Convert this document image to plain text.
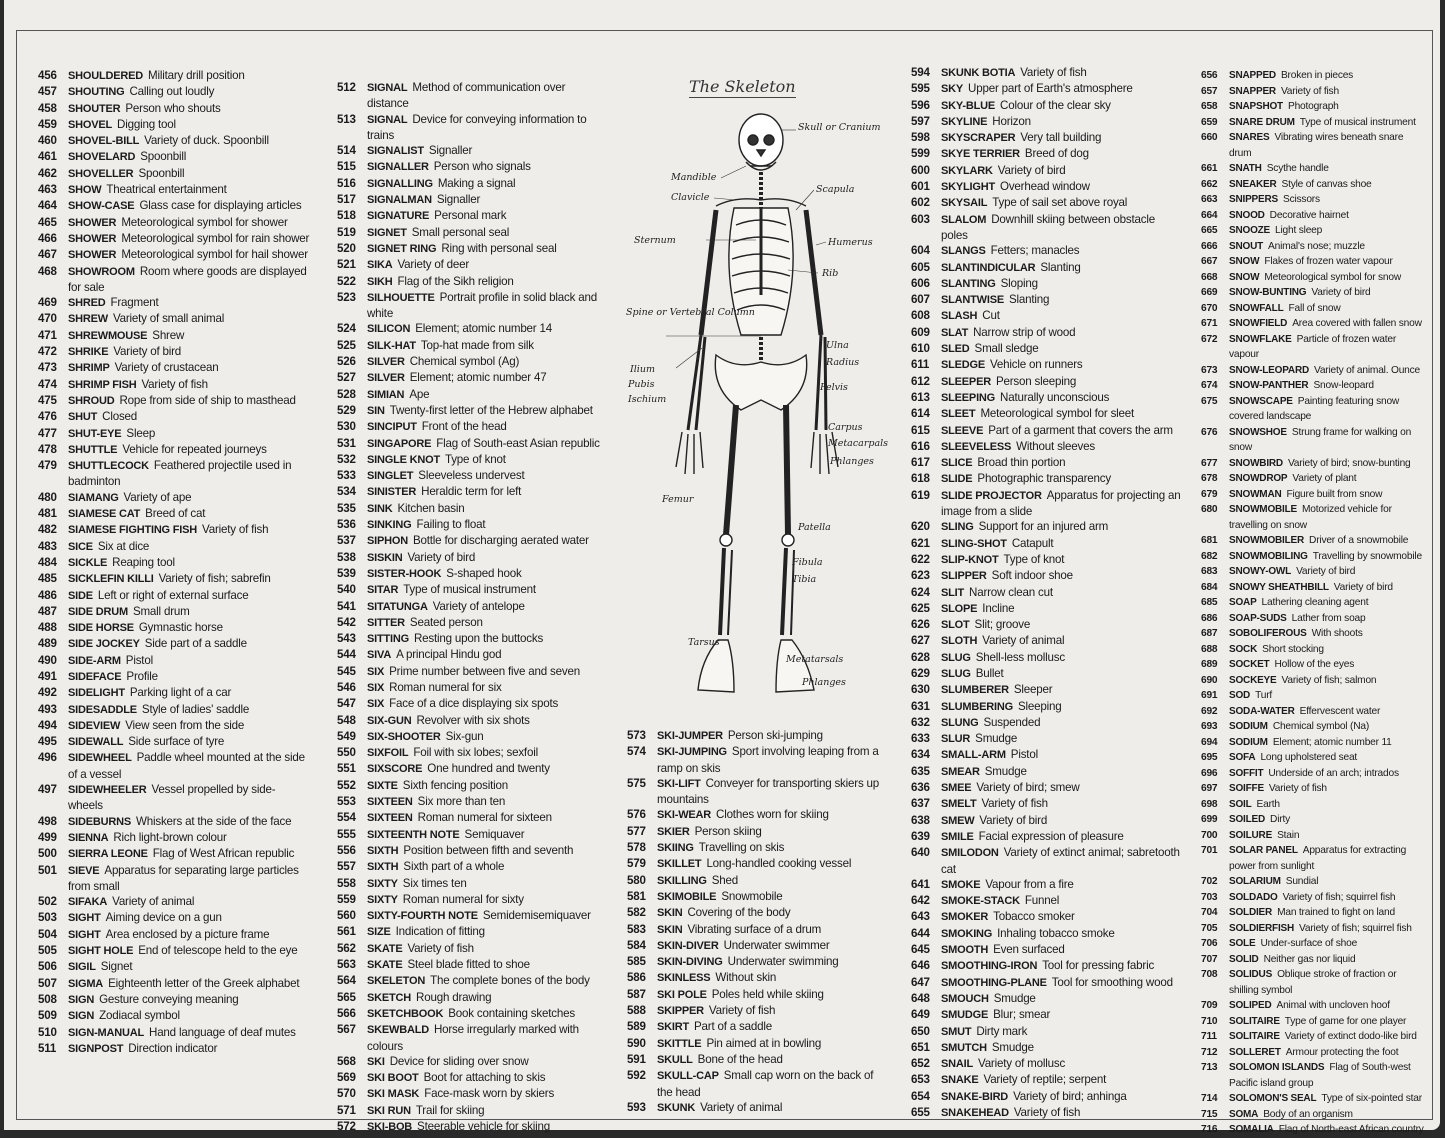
456 SHOULDERED Military drill position
457 SHOUTING Calling out loudly
458 SHOUTER Person who shouts
459 SHOVEL Digging tool
460 SHOVEL-BILL Variety of duck. Spoonbill
461 SHOVELARD Spoonbill
462 SHOVELLER Spoonbill
463 SHOW Theatrical entertainment
464 SHOW-CASE Glass case for displaying articles
465 SHOWER Meteorological symbol for shower
466 SHOWER Meteorological symbol for rain shower
467 SHOWER Meteorological symbol for hail shower
468 SHOWROOM Room where goods are displayed for sale
469 SHRED Fragment
470 SHREW Variety of small animal
471 SHREWMOUSE Shrew
472 SHRIKE Variety of bird
473 SHRIMP Variety of crustacean
474 SHRIMP FISH Variety of fish
475 SHROUD Rope from side of ship to masthead
476 SHUT Closed
477 SHUT-EYE Sleep
478 SHUTTLE Vehicle for repeated journeys
479 SHUTTLECOCK Feathered projectile used in badminton
480 SIAMANG Variety of ape
481 SIAMESE CAT Breed of cat
482 SIAMESE FIGHTING FISH Variety of fish
483 SICE Six at dice
484 SICKLE Reaping tool
485 SICKLEFIN KILLI Variety of fish; sabrefin
486 SIDE Left or right of external surface
487 SIDE DRUM Small drum
488 SIDE HORSE Gymnastic horse
489 SIDE JOCKEY Side part of a saddle
490 SIDE-ARM Pistol
491 SIDEFACE Profile
492 SIDELIGHT Parking light of a car
493 SIDESADDLE Style of ladies' saddle
494 SIDEVIEW View seen from the side
495 SIDEWALL Side surface of tyre
496 SIDEWHEEL Paddle wheel mounted at the side of a vessel
497 SIDEWHEELER Vessel propelled by side-wheels
498 SIDEBURNS Whiskers at the side of the face
499 SIENNA Rich light-brown colour
500 SIERRA LEONE Flag of West African republic
501 SIEVE Apparatus for separating large particles from small
502 SIFAKA Variety of animal
503 SIGHT Aiming device on a gun
504 SIGHT Area enclosed by a picture frame
505 SIGHT HOLE End of telescope held to the eye
506 SIGIL Signet
507 SIGMA Eighteenth letter of the Greek alphabet
508 SIGN Gesture conveying meaning
509 SIGN Zodiacal symbol
510 SIGN-MANUAL Hand language of deaf mutes
511 SIGNPOST Direction indicator
512 SIGNAL Method of communication over distance
513 SIGNAL Device for conveying information to trains
514 SIGNALIST Signaller
515 SIGNALLER Person who signals
516 SIGNALLING Making a signal
517 SIGNALMAN Signaller
518 SIGNATURE Personal mark
519 SIGNET Small personal seal
520 SIGNET RING Ring with personal seal
521 SIKA Variety of deer
522 SIKH Flag of the Sikh religion
523 SILHOUETTE Portrait profile in solid black and white
524 SILICON Element; atomic number 14
525 SILK-HAT Top-hat made from silk
526 SILVER Chemical symbol (Ag)
527 SILVER Element; atomic number 47
528 SIMIAN Ape
529 SIN Twenty-first letter of the Hebrew alphabet
530 SINCIPUT Front of the head
531 SINGAPORE Flag of South-east Asian republic
532 SINGLE KNOT Type of knot
533 SINGLET Sleeveless undervest
534 SINISTER Heraldic term for left
535 SINK Kitchen basin
536 SINKING Failing to float
537 SIPHON Bottle for discharging aerated water
538 SISKIN Variety of bird
539 SISTER-HOOK S-shaped hook
540 SITAR Type of musical instrument
541 SITATUNGA Variety of antelope
542 SITTER Seated person
543 SITTING Resting upon the buttocks
544 SIVA A principal Hindu god
545 SIX Prime number between five and seven
546 SIX Roman numeral for six
547 SIX Face of a dice displaying six spots
548 SIX-GUN Revolver with six shots
549 SIX-SHOOTER Six-gun
550 SIXFOIL Foil with six lobes; sexfoil
551 SIXSCORE One hundred and twenty
552 SIXTE Sixth fencing position
553 SIXTEEN Six more than ten
554 SIXTEEN Roman numeral for sixteen
555 SIXTEENTH NOTE Semiquaver
556 SIXTH Position between fifth and seventh
557 SIXTH Sixth part of a whole
558 SIXTY Six times ten
559 SIXTY Roman numeral for sixty
560 SIXTY-FOURTH NOTE Semidemisemiquaver
561 SIZE Indication of fitting
562 SKATE Variety of fish
563 SKATE Steel blade fitted to shoe
564 SKELETON The complete bones of the body
565 SKETCH Rough drawing
566 SKETCHBOOK Book containing sketches
567 SKEWBALD Horse irregularly marked with colours
568 SKI Device for sliding over snow
569 SKI BOOT Boot for attaching to skis
570 SKI MASK Face-mask worn by skiers
571 SKI RUN Trail for skiing
572 SKI-BOB Steerable vehicle for skiing
573 SKI-JUMPER Person ski-jumping
574 SKI-JUMPING Sport involving leaping from a ramp on skis
575 SKI-LIFT Conveyer for transporting skiers up mountains
576 SKI-WEAR Clothes worn for skiing
577 SKIER Person skiing
578 SKIING Travelling on skis
579 SKILLET Long-handled cooking vessel
580 SKILLING Shed
581 SKIMOBILE Snowmobile
582 SKIN Covering of the body
583 SKIN Vibrating surface of a drum
584 SKIN-DIVER Underwater swimmer
585 SKIN-DIVING Underwater swimming
586 SKINLESS Without skin
587 SKI POLE Poles held while skiing
588 SKIPPER Variety of fish
589 SKIRT Part of a saddle
590 SKITTLE Pin aimed at in bowling
591 SKULL Bone of the head
592 SKULL-CAP Small cap worn on the back of the head
593 SKUNK Variety of animal
594 SKUNK BOTIA Variety of fish
595 SKY Upper part of Earth's atmosphere
596 SKY-BLUE Colour of the clear sky
597 SKYLINE Horizon
598 SKYSCRAPER Very tall building
599 SKYE TERRIER Breed of dog
600 SKYLARK Variety of bird
601 SKYLIGHT Overhead window
602 SKYSAIL Type of sail set above royal
603 SLALOM Downhill skiing between obstacle poles
604 SLANGS Fetters; manacles
605 SLANTINDICULAR Slanting
606 SLANTING Sloping
607 SLANTWISE Slanting
608 SLASH Cut
609 SLAT Narrow strip of wood
610 SLED Small sledge
611 SLEDGE Vehicle on runners
612 SLEEPER Person sleeping
613 SLEEPING Naturally unconscious
614 SLEET Meteorological symbol for sleet
615 SLEEVE Part of a garment that covers the arm
616 SLEEVELESS Without sleeves
617 SLICE Broad thin portion
618 SLIDE Photographic transparency
619 SLIDE PROJECTOR Apparatus for projecting an image from a slide
620 SLING Support for an injured arm
621 SLING-SHOT Catapult
622 SLIP-KNOT Type of knot
623 SLIPPER Soft indoor shoe
624 SLIT Narrow clean cut
625 SLOPE Incline
626 SLOT Slit; groove
627 SLOTH Variety of animal
628 SLUG Shell-less mollusc
629 SLUG Bullet
630 SLUMBERER Sleeper
631 SLUMBERING Sleeping
632 SLUNG Suspended
633 SLUR Smudge
634 SMALL-ARM Pistol
635 SMEAR Smudge
636 SMEE Variety of bird; smew
637 SMELT Variety of fish
638 SMEW Variety of bird
639 SMILE Facial expression of pleasure
640 SMILODON Variety of extinct animal; sabretooth cat
641 SMOKE Vapour from a fire
642 SMOKE-STACK Funnel
643 SMOKER Tobacco smoker
644 SMOKING Inhaling tobacco smoke
645 SMOOTH Even surfaced
646 SMOOTHING-IRON Tool for pressing fabric
647 SMOOTHING-PLANE Tool for smoothing wood
648 SMOUCH Smudge
649 SMUDGE Blur; smear
650 SMUT Dirty mark
651 SMUTCH Smudge
652 SNAIL Variety of mollusc
653 SNAKE Variety of reptile; serpent
654 SNAKE-BIRD Variety of bird; anhinga
655 SNAKEHEAD Variety of fish
656 SNAPPED Broken in pieces
657 SNAPPER Variety of fish
658 SNAPSHOT Photograph
659 SNARE DRUM Type of musical instrument
660 SNARES Vibrating wires beneath snare drum
661 SNATH Scythe handle
662 SNEAKER Style of canvas shoe
663 SNIPPERS Scissors
664 SNOOD Decorative hairnet
665 SNOOZE Light sleep
666 SNOUT Animal's nose; muzzle
667 SNOW Flakes of frozen water vapour
668 SNOW Meteorological symbol for snow
669 SNOW-BUNTING Variety of bird
670 SNOWFALL Fall of snow
671 SNOWFIELD Area covered with fallen snow
672 SNOWFLAKE Particle of frozen water vapour
673 SNOW-LEOPARD Variety of animal. Ounce
674 SNOW-PANTHER Snow-leopard
675 SNOWSCAPE Painting featuring snow covered landscape
676 SNOWSHOE Strung frame for walking on snow
677 SNOWBIRD Variety of bird; snow-bunting
678 SNOWDROP Variety of plant
679 SNOWMAN Figure built from snow
680 SNOWMOBILE Motorized vehicle for travelling on snow
681 SNOWMOBILER Driver of a snowmobile
682 SNOWMOBILING Travelling by snowmobile
683 SNOWY-OWL Variety of bird
684 SNOWY SHEATHBILL Variety of bird
685 SOAP Lathering cleaning agent
686 SOAP-SUDS Lather from soap
687 SOBOLIFEROUS With shoots
688 SOCK Short stocking
689 SOCKET Hollow of the eyes
690 SOCKEYE Variety of fish; salmon
691 SOD Turf
692 SODA-WATER Effervescent water
693 SODIUM Chemical symbol (Na)
694 SODIUM Element; atomic number 11
695 SOFA Long upholstered seat
696 SOFFIT Underside of an arch; intrados
697 SOIFFE Variety of fish
698 SOIL Earth
699 SOILED Dirty
700 SOILURE Stain
701 SOLAR PANEL Apparatus for extracting power from sunlight
702 SOLARIUM Sundial
703 SOLDADO Variety of fish; squirrel fish
704 SOLDIER Man trained to fight on land
705 SOLDIERFISH Variety of fish; squirrel fish
706 SOLE Under-surface of shoe
707 SOLID Neither gas nor liquid
708 SOLIDUS Oblique stroke of fraction or shilling symbol
709 SOLIPED Animal with uncloven hoof
710 SOLITAIRE Type of game for one player
711 SOLITAIRE Variety of extinct dodo-like bird
712 SOLLERET Armour protecting the foot
713 SOLOMON ISLANDS Flag of South-west Pacific island group
714 SOLOMON'S SEAL Type of six-pointed star
715 SOMA Body of an organism
716 SOMALIA Flag of North-east African country
The Skeleton
Skull or Cranium
Mandible
Clavicle
Scapula
Sternum	Humerus
Rib
Spine or Vertebral Column
Ulna
Radius
Ilium
Pubis
Ischium
Pelvis
Carpus
Metacarpals
Phlanges
Femur
Patella
Fibula
Tibia
Tarsus
Metatarsals
Phlanges
